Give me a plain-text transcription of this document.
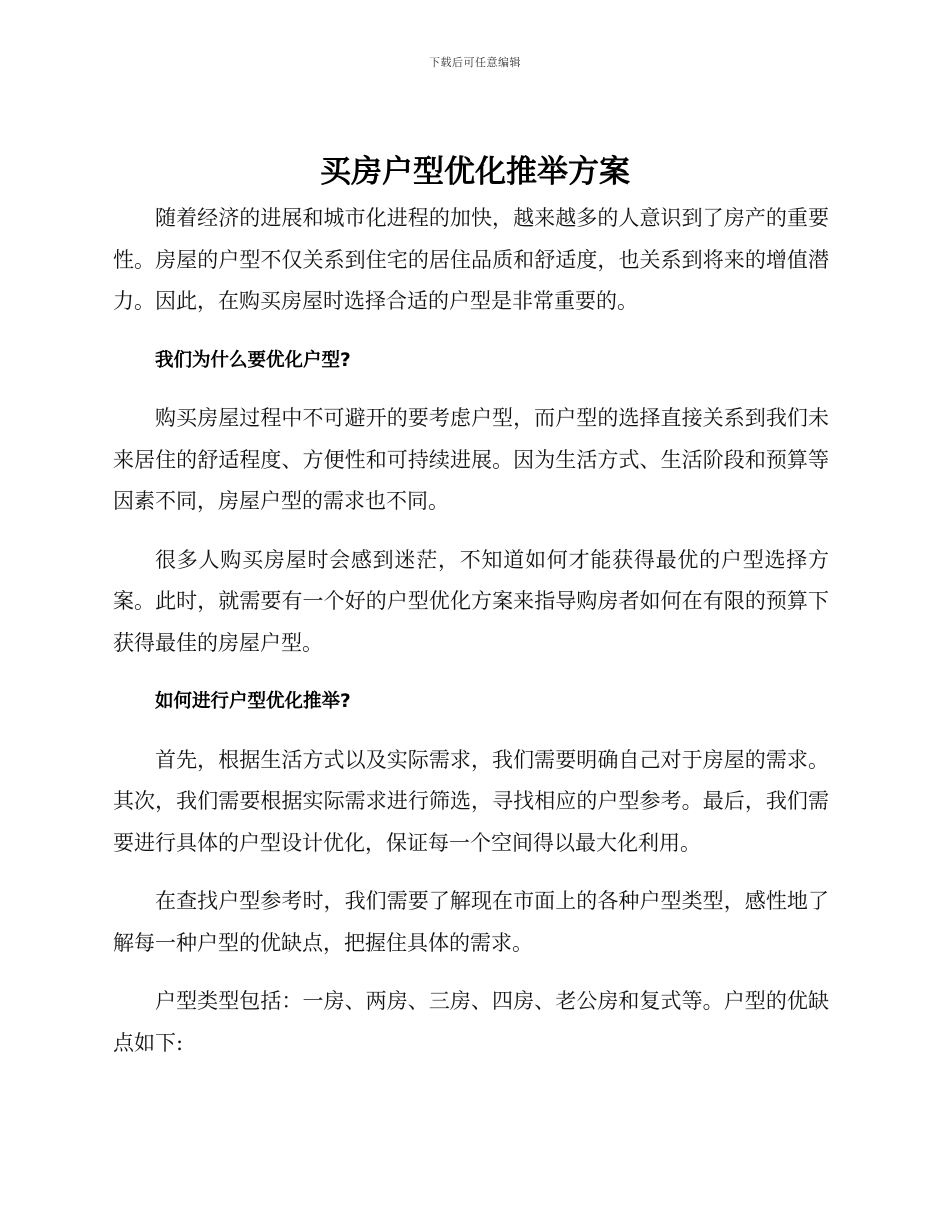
下载后可任意编辑
买房户型优化推举方案

随着经济的进展和城市化进程的加快，越来越多的人意识到了房产的重要性。房屋的户型不仅关系到住宅的居住品质和舒适度，也关系到将来的增值潜力。因此，在购买房屋时选择合适的户型是非常重要的。

我们为什么要优化户型?

购买房屋过程中不可避开的要考虑户型，而户型的选择直接关系到我们未来居住的舒适程度、方便性和可持续进展。因为生活方式、生活阶段和预算等因素不同，房屋户型的需求也不同。

很多人购买房屋时会感到迷茫，不知道如何才能获得最优的户型选择方案。此时，就需要有一个好的户型优化方案来指导购房者如何在有限的预算下获得最佳的房屋户型。

如何进行户型优化推举?

首先，根据生活方式以及实际需求，我们需要明确自己对于房屋的需求。其次，我们需要根据实际需求进行筛选，寻找相应的户型参考。最后，我们需要进行具体的户型设计优化，保证每一个空间得以最大化利用。

在查找户型参考时，我们需要了解现在市面上的各种户型类型，感性地了解每一种户型的优缺点，把握住具体的需求。

户型类型包括：一房、两房、三房、四房、老公房和复式等。户型的优缺点如下:
